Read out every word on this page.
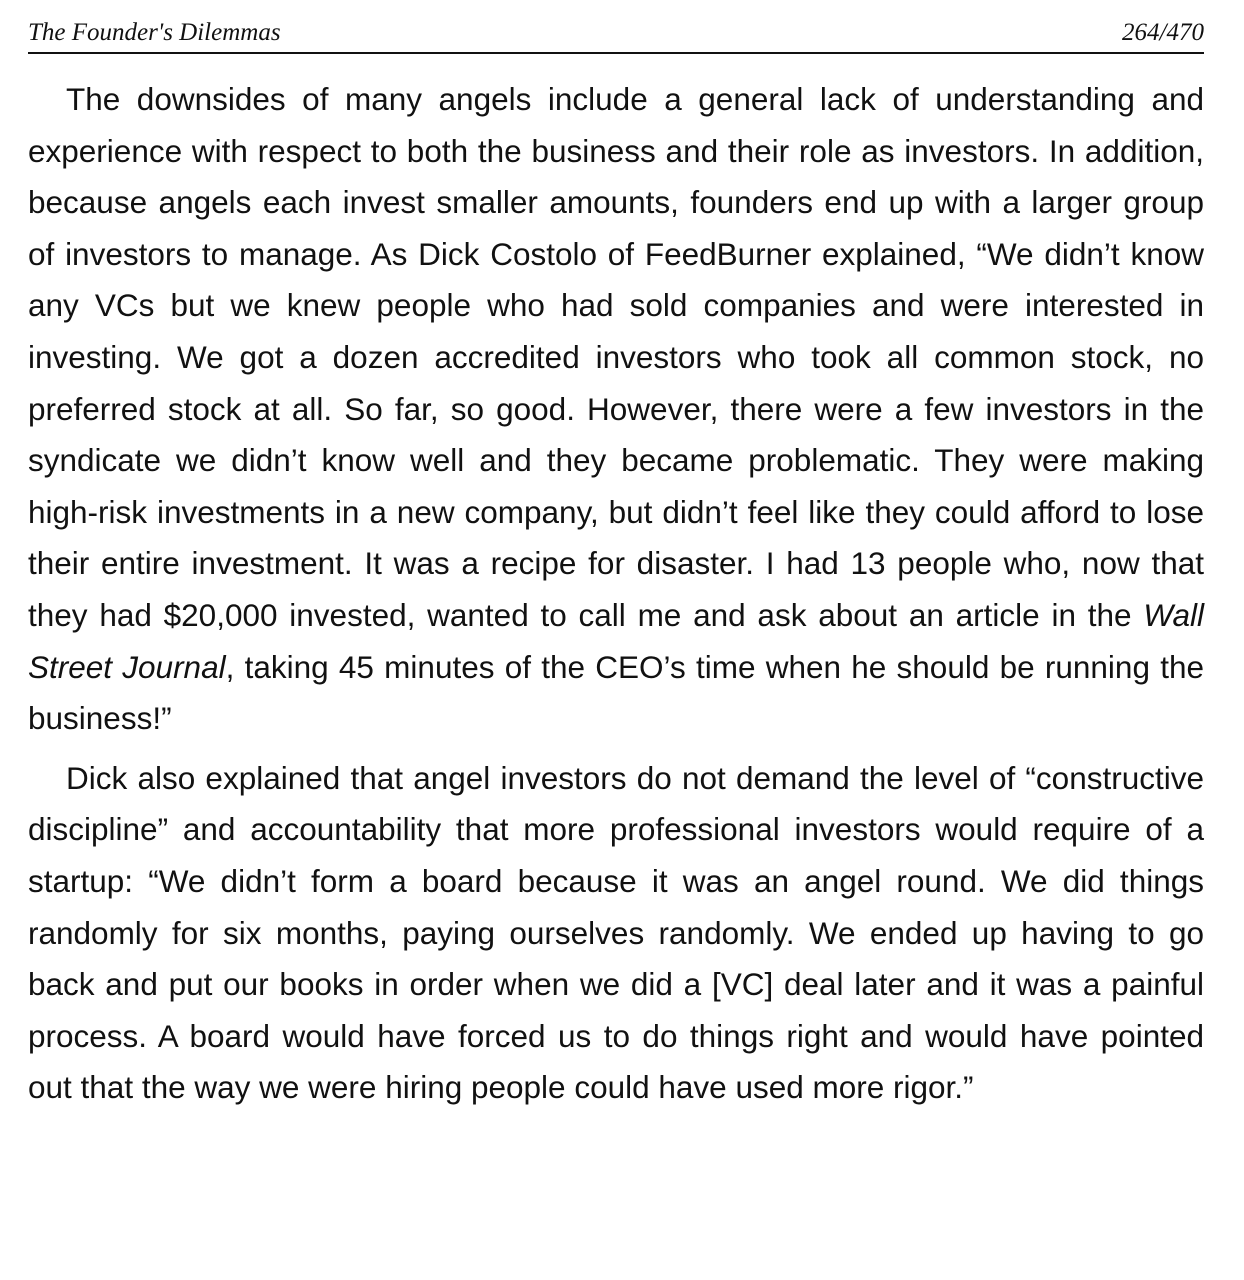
The Founder's Dilemmas	264/470

The downsides of many angels include a general lack of understanding and experience with respect to both the business and their role as investors. In addition, because angels each invest smaller amounts, founders end up with a larger group of investors to manage. As Dick Costolo of FeedBurner explained, “We didn’t know any VCs but we knew people who had sold companies and were interested in investing. We got a dozen accredited investors who took all common stock, no preferred stock at all. So far, so good. However, there were a few investors in the syndicate we didn’t know well and they became problematic. They were making high-risk investments in a new company, but didn’t feel like they could afford to lose their entire investment. It was a recipe for disaster. I had 13 people who, now that they had $20,000 invested, wanted to call me and ask about an article in the Wall Street Journal, taking 45 minutes of the CEO’s time when he should be running the business!”

Dick also explained that angel investors do not demand the level of “constructive discipline” and accountability that more professional investors would require of a startup: “We didn’t form a board because it was an angel round. We did things randomly for six months, paying ourselves randomly. We ended up having to go back and put our books in order when we did a [VC] deal later and it was a painful process. A board would have forced us to do things right and would have pointed out that the way we were hiring people could have used more rigor.”
